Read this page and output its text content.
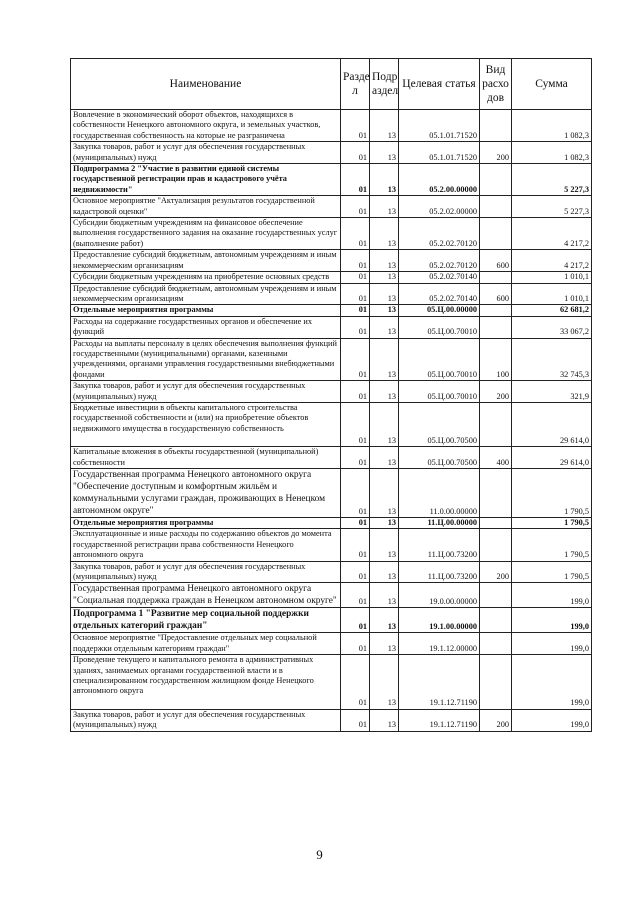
Наименование	Разде л	Подр аздел	Целевая статья	Вид расхо дов	Сумма
Вовлечение в экономический оборот объектов, находящихся в собственности Ненецкого автономного округа, и земельных участков, государственная собственность на которые не разграничена	01	13	05.1.01.71520		1 082,3
Закупка товаров, работ и услуг для обеспечения государственных (муниципальных) нужд	01	13	05.1.01.71520	200	1 082,3
Подпрограмма 2 "Участие в развитии единой системы государственной регистрации прав и кадастрового учёта недвижимости"	01	13	05.2.00.00000		5 227,3
Основное мероприятие "Актуализация результатов государственной кадастровой оценки"	01	13	05.2.02.00000		5 227,3
Субсидии бюджетным учреждениям на финансовое обеспечение выполнения государственного задания на оказание государственных услуг (выполнение работ)	01	13	05.2.02.70120		4 217,2
Предоставление субсидий бюджетным, автономным учреждениям и иным некоммерческим организациям	01	13	05.2.02.70120	600	4 217,2
Субсидии бюджетным учреждениям на приобретение основных средств	01	13	05.2.02.70140		1 010,1
Предоставление субсидий бюджетным, автономным учреждениям и иным некоммерческим организациям	01	13	05.2.02.70140	600	1 010,1
Отдельные мероприятия программы	01	13	05.Ц.00.00000		62 681,2
Расходы на содержание государственных органов и обеспечение их функций	01	13	05.Ц.00.70010		33 067,2
Расходы на выплаты персоналу в целях обеспечения выполнения функций государственными (муниципальными) органами, казенными учреждениями, органами управления государственными внебюджетными фондами	01	13	05.Ц.00.70010	100	32 745,3
Закупка товаров, работ и услуг для обеспечения государственных (муниципальных) нужд	01	13	05.Ц.00.70010	200	321,9
Бюджетные инвестиции в объекты капитального строительства государственной собственности и (или) на приобретение объектов недвижимого имущества в государственную собственность	01	13	05.Ц.00.70500		29 614,0
Капитальные вложения в объекты государственной (муниципальной) собственности	01	13	05.Ц.00.70500	400	29 614,0
Государственная программа Ненецкого автономного округа "Обеспечение доступным и комфортным жильём и коммунальными услугами граждан, проживающих в Ненецком автономном округе"	01	13	11.0.00.00000		1 790,5
Отдельные мероприятия программы	01	13	11.Ц.00.00000		1 790,5
Эксплуатационные и иные расходы по содержанию объектов до момента государственной регистрации права собственности Ненецкого автономного округа	01	13	11.Ц.00.73200		1 790,5
Закупка товаров, работ и услуг для обеспечения государственных (муниципальных) нужд	01	13	11.Ц.00.73200	200	1 790,5
Государственная программа Ненецкого автономного округа "Социальная поддержка граждан в Ненецком автономном округе"	01	13	19.0.00.00000		199,0
Подпрограмма 1 "Развитие мер социальной поддержки отдельных категорий граждан"	01	13	19.1.00.00000		199,0
Основное мероприятие "Предоставление отдельных мер социальной поддержки отдельным категориям граждан"	01	13	19.1.12.00000		199,0
Проведение текущего и капитального ремонта в административных зданиях, занимаемых органами государственной власти и в специализированном государственном жилищном фонде Ненецкого автономного округа	01	13	19.1.12.71190		199,0
Закупка товаров, работ и услуг для обеспечения государственных (муниципальных) нужд	01	13	19.1.12.71190	200	199,0
9
